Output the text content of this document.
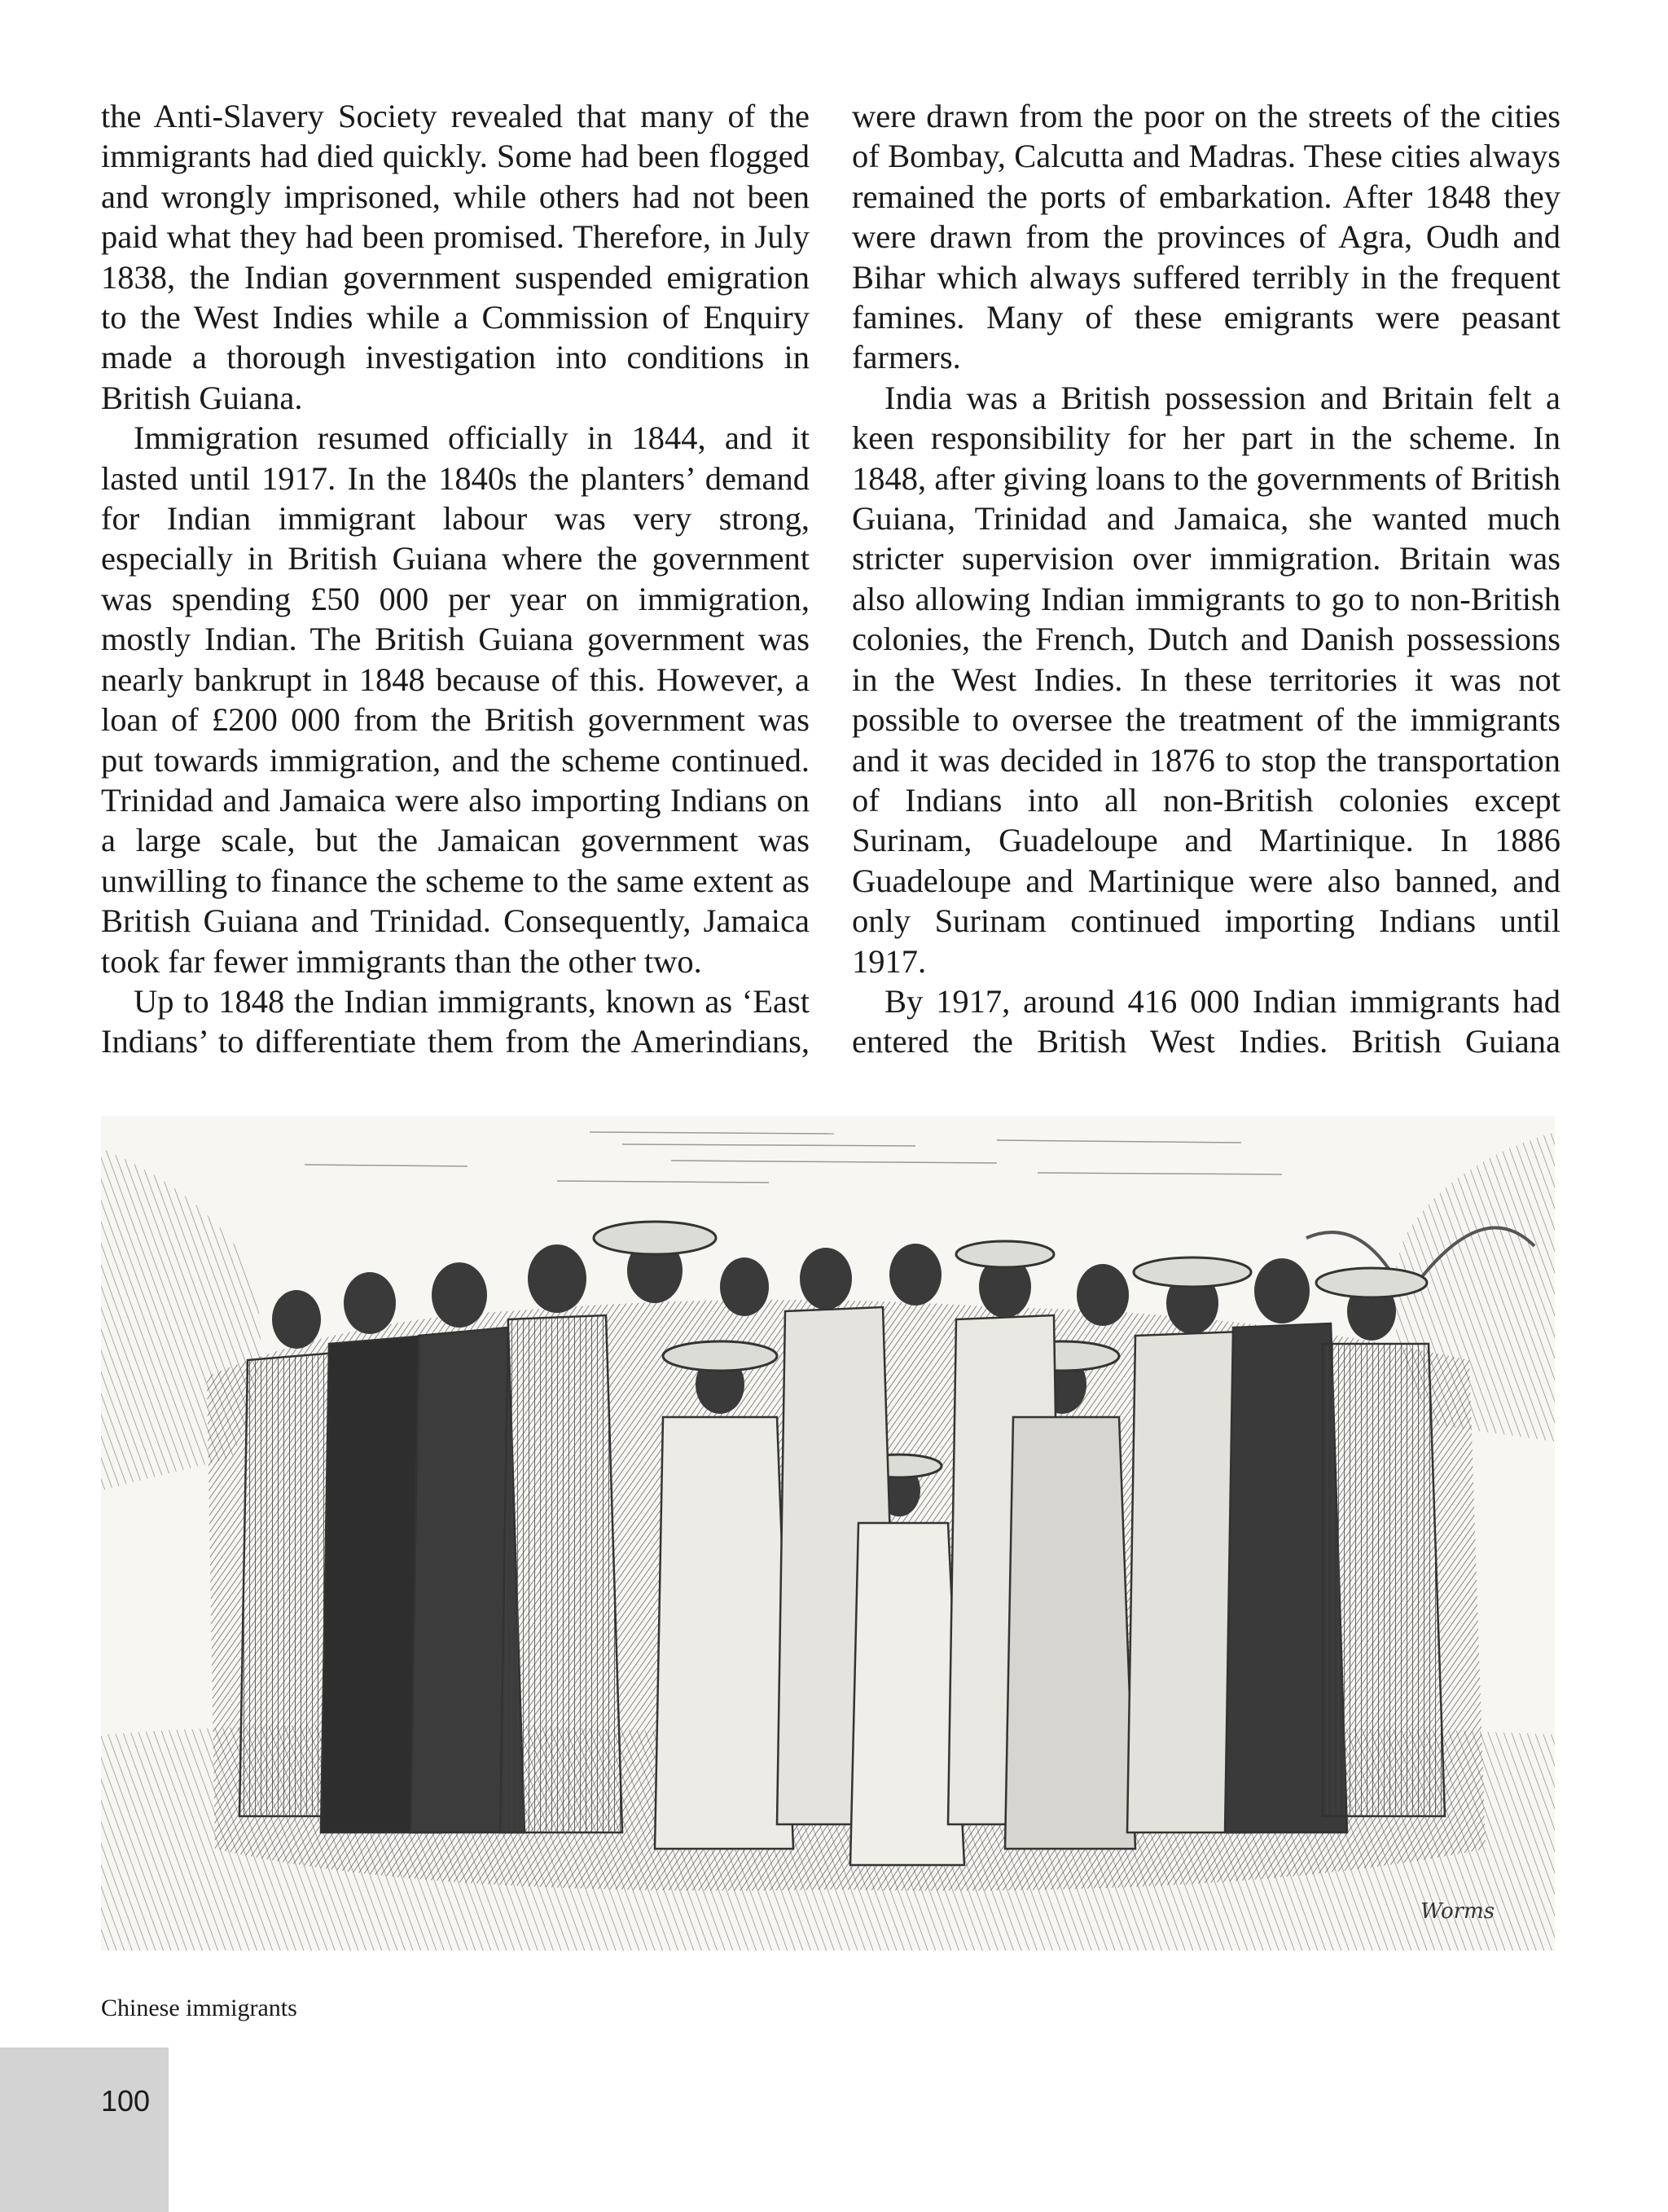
the Anti-Slavery Society revealed that many of the immigrants had died quickly. Some had been flogged and wrongly imprisoned, while others had not been paid what they had been promised. Therefore, in July 1838, the Indian government suspended emigration to the West Indies while a Commission of Enquiry made a thorough investigation into conditions in British Guiana.

Immigration resumed officially in 1844, and it lasted until 1917. In the 1840s the planters’ demand for Indian immigrant labour was very strong, especially in British Guiana where the government was spending £50 000 per year on immigration, mostly Indian. The British Guiana government was nearly bankrupt in 1848 because of this. However, a loan of £200 000 from the British government was put towards immigration, and the scheme continued. Trinidad and Jamaica were also importing Indians on a large scale, but the Jamaican government was unwilling to finance the scheme to the same extent as British Guiana and Trinidad. Consequently, Jamaica took far fewer immigrants than the other two.

Up to 1848 the Indian immigrants, known as ‘East Indians’ to differentiate them from the Amerindians,

were drawn from the poor on the streets of the cities of Bombay, Calcutta and Madras. These cities always remained the ports of embarkation. After 1848 they were drawn from the provinces of Agra, Oudh and Bihar which always suffered terribly in the frequent famines. Many of these emigrants were peasant farmers.

India was a British possession and Britain felt a keen responsibility for her part in the scheme. In 1848, after giving loans to the governments of British Guiana, Trinidad and Jamaica, she wanted much stricter supervision over immigration. Britain was also allowing Indian immigrants to go to non-British colonies, the French, Dutch and Danish possessions in the West Indies. In these territories it was not possible to oversee the treatment of the immigrants and it was decided in 1876 to stop the transportation of Indians into all non-British colonies except Surinam, Guadeloupe and Martinique. In 1886 Guadeloupe and Martinique were also banned, and only Surinam continued importing Indians until 1917.

By 1917, around 416 000 Indian immigrants had entered the British West Indies. British Guiana

Worms
Chinese immigrants
100
